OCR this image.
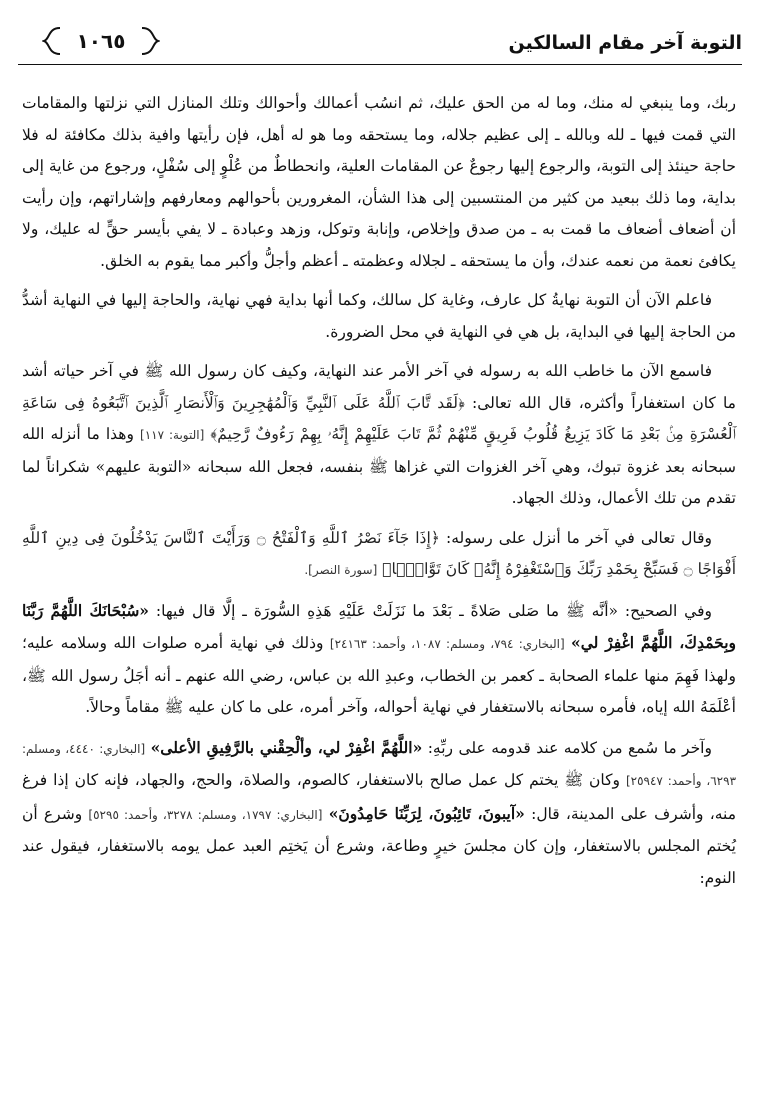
التوبة آخر مقام السالكين
١٠٦٥

ربك، وما ينبغي له منك، وما له من الحق عليك، ثم انسُب أعمالك وأحوالك وتلك المنازل التي نزلتها والمقامات التي قمت فيها ـ لله وبالله ـ إلى عظيم جلاله، وما يستحقه وما هو له أهل، فإن رأيتها وافية بذلك مكافئة له فلا حاجة حينئذ إلى التوبة، والرجوع إليها رجوعٌ عن المقامات العلية، وانحطاطٌ من عُلْوٍ إلى سُفْلٍ، ورجوع من غاية إلى بداية، وما ذلك ببعيد من كثير من المنتسبين إلى هذا الشأن، المغرورين بأحوالهم ومعارفهم وإشاراتهم، وإن رأيت أن أضعاف أضعاف ما قمت به ـ من صدق وإخلاص، وإنابة وتوكل، وزهد وعبادة ـ لا يفي بأيسر حقٍّ له عليك، ولا يكافئ نعمة من نعمه عندك، وأن ما يستحقه ـ لجلاله وعظمته ـ أعظم وأجلُّ وأكبر مما يقوم به الخلق.

فاعلم الآن أن التوبة نهايةُ كل عارف، وغاية كل سالك، وكما أنها بداية فهي نهاية، والحاجة إليها في النهاية أشدُّ من الحاجة إليها في البداية، بل هي في النهاية في محل الضرورة.

فاسمع الآن ما خاطب الله به رسوله في آخر الأمر عند النهاية، وكيف كان رسول الله ﷺ في آخر حياته أشد ما كان استغفاراً وأكثره، قال الله تعالى: ﴿لَقَد تَّابَ ٱللَّهُ عَلَى ٱلنَّبِيِّ وَٱلْمُهَٰجِرِينَ وَٱلْأَنصَارِ ٱلَّذِينَ ٱتَّبَعُوهُ فِى سَاعَةِ ٱلْعُسْرَةِ مِنۢ بَعْدِ مَا كَادَ يَزِيغُ قُلُوبُ فَرِيقٍ مِّنْهُمْ ثُمَّ تَابَ عَلَيْهِمْ إِنَّهُۥ بِهِمْ رَءُوفٌ رَّحِيمٌ﴾ [التوبة: ١١٧] وهذا ما أنزله الله سبحانه بعد غزوة تبوك، وهي آخر الغزوات التي غزاها ﷺ بنفسه، فجعل الله سبحانه «التوبة عليهم» شكراناً لما تقدم من تلك الأعمال، وذلك الجهاد.

وقال تعالى في آخر ما أنزل على رسوله: ﴿إِذَا جَآءَ نَصْرُ ٱللَّهِ وَٱلْفَتْحُ ۝ وَرَأَيْتَ ٱلنَّاسَ يَدْخُلُونَ فِى دِينِ ٱللَّهِ أَفْوَاجًا ۝ فَسَبِّحْ بِحَمْدِ رَبِّكَ وَٱسْتَغْفِرْهُ إِنَّهُۥ كَانَ تَوَّابًۢا﴾ [سورة النصر].

وفي الصحيح: «أنَّه ﷺ ما صَلى صَلاةً ـ بَعْدَ ما نَزَلَتْ عَلَيْهِ هَذِهِ السُّورَة ـ إلَّا قال فيها: «سُبْحَانَكَ اللَّهُمَّ رَبَّنَا وبِحَمْدِكَ، اللَّهُمَّ اغْفِرْ لي» [البخاري: ٧٩٤، ومسلم: ١٠٨٧، وأحمد: ٢٤١٦٣] وذلك في نهاية أمره صلوات الله وسلامه عليه؛ ولهذا فَهِمَ منها علماء الصحابة ـ كعمر بن الخطاب، وعبدِ الله بن عباس، رضي الله عنهم ـ أنه أجَلُ رسول الله ﷺ، أعْلَمَهُ الله إياه، فأمره سبحانه بالاستغفار في نهاية أحواله، وآخر أمره، على ما كان عليه ﷺ مقاماً وحالاً.

وآخر ما سُمع من كلامه عند قدومه على ربِّهِ: «اللَّهُمَّ اغْفِرْ لي، وألْحِقْني بالرَّفِيقِ الأعلى» [البخاري: ٤٤٤٠، ومسلم: ٦٢٩٣، وأحمد: ٢٥٩٤٧] وكان ﷺ يختم كل عمل صالح بالاستغفار، كالصوم، والصلاة، والحج، والجهاد، فإنه كان إذا فرغ منه، وأشرف على المدينة، قال: «آيبونَ، تَائِبُونَ، لِرَبِّنَا حَامِدُونَ» [البخاري: ١٧٩٧، ومسلم: ٣٢٧٨، وأحمد: ٥٢٩٥] وشرع أن يُختم المجلس بالاستغفار، وإن كان مجلسَ خيرٍ وطاعة، وشرع أن يَختِم العبد عمل يومه بالاستغفار، فيقول عند النوم:
